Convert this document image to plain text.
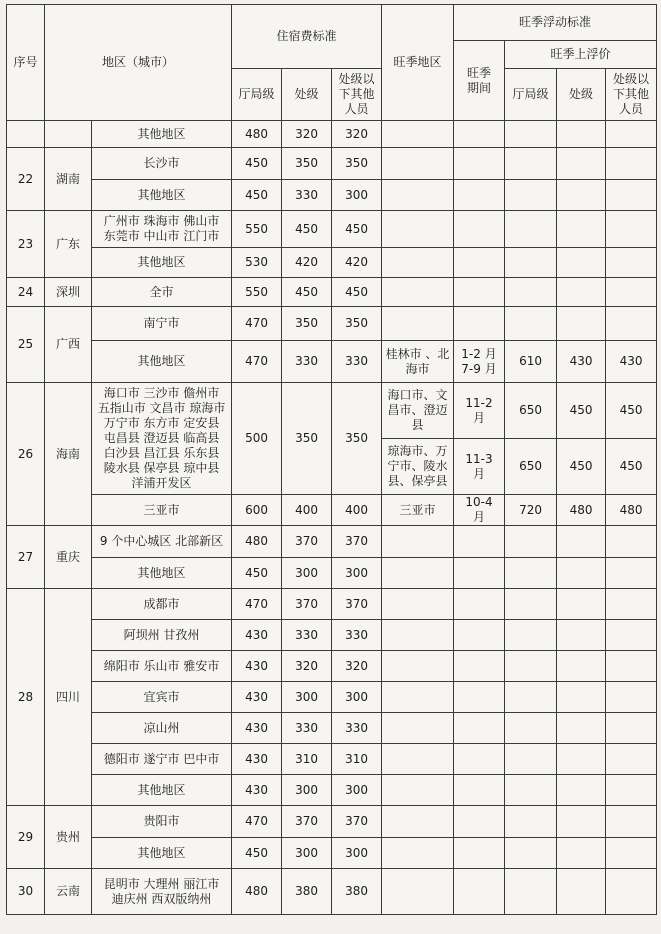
序号	地区（城市）		住宿费标准			旺季地区	旺季浮动标准			
							旺季期间	旺季上浮价		
			厅局级	处级	处级以下其他人员			厅局级	处级	处级以下其他人员
		其他地区	480	320	320					
22	湖南	长沙市	450	350	350					
		其他地区	450	330	300					
23	广东	广州市 珠海市 佛山市 东莞市 中山市 江门市	550	450	450					
		其他地区	530	420	420					
24	深圳	全市	550	450	450					
25	广西	南宁市	470	350	350					
		其他地区	470	330	330	桂林市 、北海市	1-2 月 7-9 月	610	430	430
26	海南	海口市 三沙市 儋州市 五指山市 文昌市 琼海市 万宁市 东方市 定安县 屯昌县 澄迈县 临高县 白沙县 昌江县 乐东县 陵水县 保亭县 琼中县 洋浦开发区	500	350	350	海口市、文昌市、澄迈县	11-2 月	650	450	450
						琼海市、万宁市、陵水县、保亭县	11-3 月	650	450	450
		三亚市	600	400	400	三亚市	10-4 月	720	480	480
27	重庆	9 个中心城区 北部新区	480	370	370					
		其他地区	450	300	300					
28	四川	成都市	470	370	370					
		阿坝州 甘孜州	430	330	330					
		绵阳市 乐山市 雅安市	430	320	320					
		宜宾市	430	300	300					
		凉山州	430	330	330					
		德阳市 遂宁市 巴中市	430	310	310					
		其他地区	430	300	300					
29	贵州	贵阳市	470	370	370					
		其他地区	450	300	300					
30	云南	昆明市 大理州 丽江市 迪庆州 西双版纳州	480	380	380					
